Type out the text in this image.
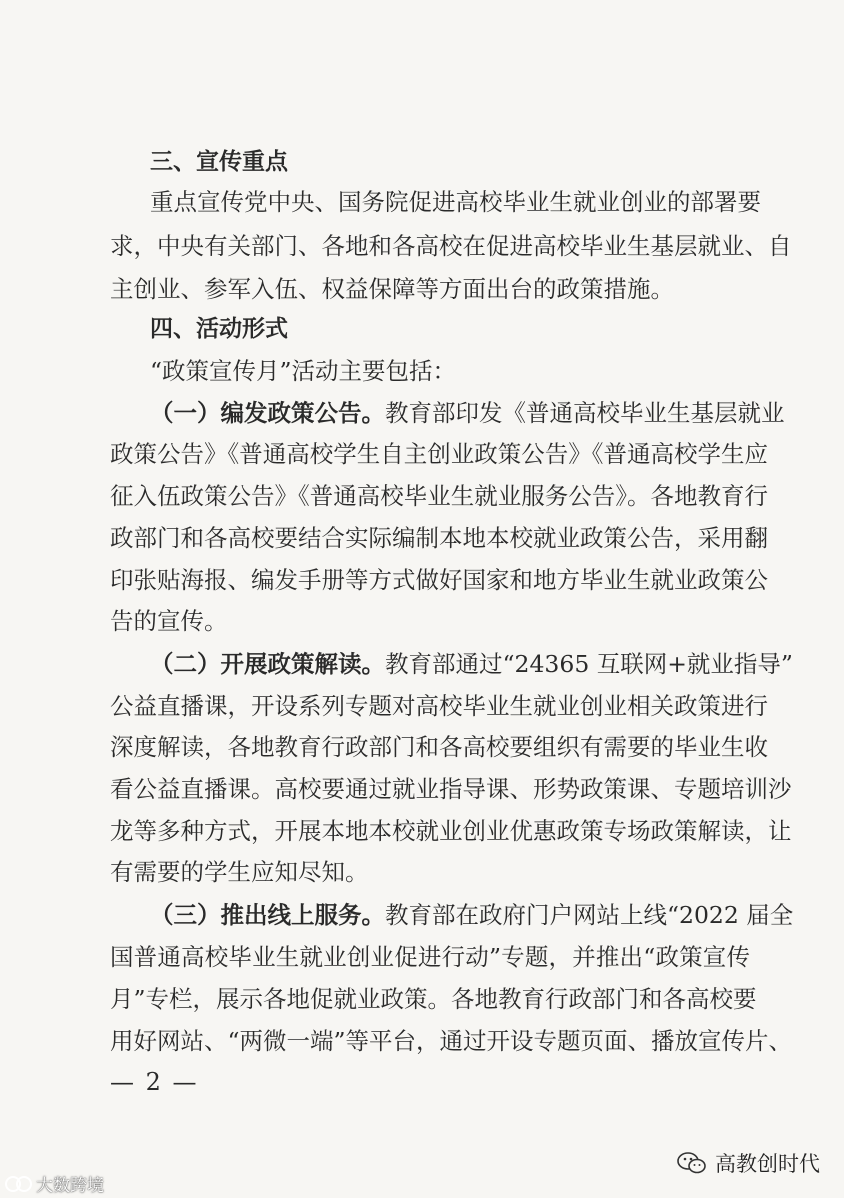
三、宣传重点
重点宣传党中央、国务院促进高校毕业生就业创业的部署要
求，中央有关部门、各地和各高校在促进高校毕业生基层就业、自
主创业、参军入伍、权益保障等方面出台的政策措施。
四、活动形式
“政策宣传月”活动主要包括：
（一）编发政策公告。教育部印发《普通高校毕业生基层就业
政策公告》《普通高校学生自主创业政策公告》《普通高校学生应
征入伍政策公告》《普通高校毕业生就业服务公告》。各地教育行
政部门和各高校要结合实际编制本地本校就业政策公告，采用翻
印张贴海报、编发手册等方式做好国家和地方毕业生就业政策公
告的宣传。
（二）开展政策解读。教育部通过“24365 互联网+就业指导”
公益直播课，开设系列专题对高校毕业生就业创业相关政策进行
深度解读，各地教育行政部门和各高校要组织有需要的毕业生收
看公益直播课。高校要通过就业指导课、形势政策课、专题培训沙
龙等多种方式，开展本地本校就业创业优惠政策专场政策解读，让
有需要的学生应知尽知。
（三）推出线上服务。教育部在政府门户网站上线“2022 届全
国普通高校毕业生就业创业促进行动”专题，并推出“政策宣传
月”专栏，展示各地促就业政策。各地教育行政部门和各高校要
用好网站、“两微一端”等平台，通过开设专题页面、播放宣传片、
— 2 —
大数跨境
高教创时代
